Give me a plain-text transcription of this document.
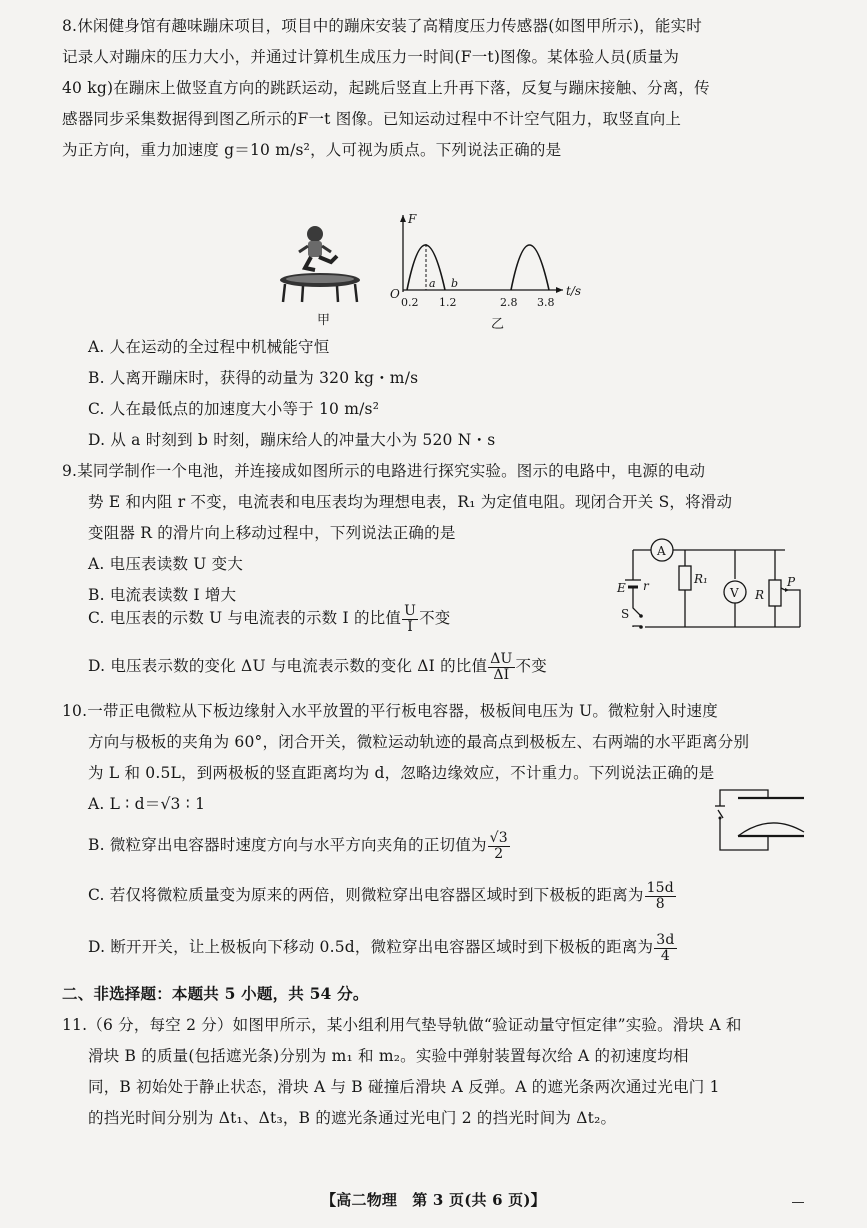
8.休闲健身馆有趣味蹦床项目，项目中的蹦床安装了高精度压力传感器(如图甲所示)，能实时
记录人对蹦床的压力大小，并通过计算机生成压力一时间(F一t)图像。某体验人员(质量为
40 kg)在蹦床上做竖直方向的跳跃运动，起跳后竖直上升再下落，反复与蹦床接触、分离，传
感器同步采集数据得到图乙所示的F一t 图像。已知运动过程中不计空气阻力，取竖直向上
为正方向，重力加速度 g＝10 m/s²，人可视为质点。下列说法正确的是
甲
F
t/s
O
a b
0.2 1.2	2.8 3.8
乙
A. 人在运动的全过程中机械能守恒
B. 人离开蹦床时，获得的动量为 320 kg・m/s
C. 人在最低点的加速度大小等于 10 m/s²
D. 从 a 时刻到 b 时刻，蹦床给人的冲量大小为 520 N・s
9.某同学制作一个电池，并连接成如图所示的电路进行探究实验。图示的电路中，电源的电动
势 E 和内阻 r 不变，电流表和电压表均为理想电表，R₁ 为定值电阻。现闭合开关 S，将滑动
变阻器 R 的滑片向上移动过程中，下列说法正确的是
A. 电压表读数 U 变大
B. 电流表读数 I 增大
C. 电压表的示数 U 与电流表的示数 I 的比值 $\frac{U}{I}$ 不变
D. 电压表示数的变化 ΔU 与电流表示数的变化 ΔI 的比值 $\frac{\Delta U}{\Delta I}$ 不变
A
V
E r	R₁
R
P
S
10.一带正电微粒从下板边缘射入水平放置的平行板电容器，极板间电压为 U。微粒射入时速度
方向与极板的夹角为 60°，闭合开关，微粒运动轨迹的最高点到极板左、右两端的水平距离分别
为 L 和 0.5L，到两极板的竖直距离均为 d，忽略边缘效应，不计重力。下列说法正确的是
A. L ∶ d＝√3 ∶ 1
B. 微粒穿出电容器时速度方向与水平方向夹角的正切值为 $\frac{√3}{2}$
C. 若仅将微粒质量变为原来的两倍，则微粒穿出电容器区域时到下极板的距离为 $\frac{15d}{8}$
D. 断开开关，让上极板向下移动 0.5d，微粒穿出电容器区域时到下极板的距离为 $\frac{3d}{4}$
二、非选择题：本题共 5 小题，共 54 分。
11.（6 分，每空 2 分）如图甲所示，某小组利用气垫导轨做“验证动量守恒定律”实验。滑块 A 和
滑块 B 的质量(包括遮光条)分别为 m₁ 和 m₂。实验中弹射装置每次给 A 的初速度均相
同，B 初始处于静止状态，滑块 A 与 B 碰撞后滑块 A 反弹。A 的遮光条两次通过光电门 1
的挡光时间分别为 Δt₁、Δt₃，B 的遮光条通过光电门 2 的挡光时间为 Δt₂。
【高二物理　第 3 页(共 6 页)】
